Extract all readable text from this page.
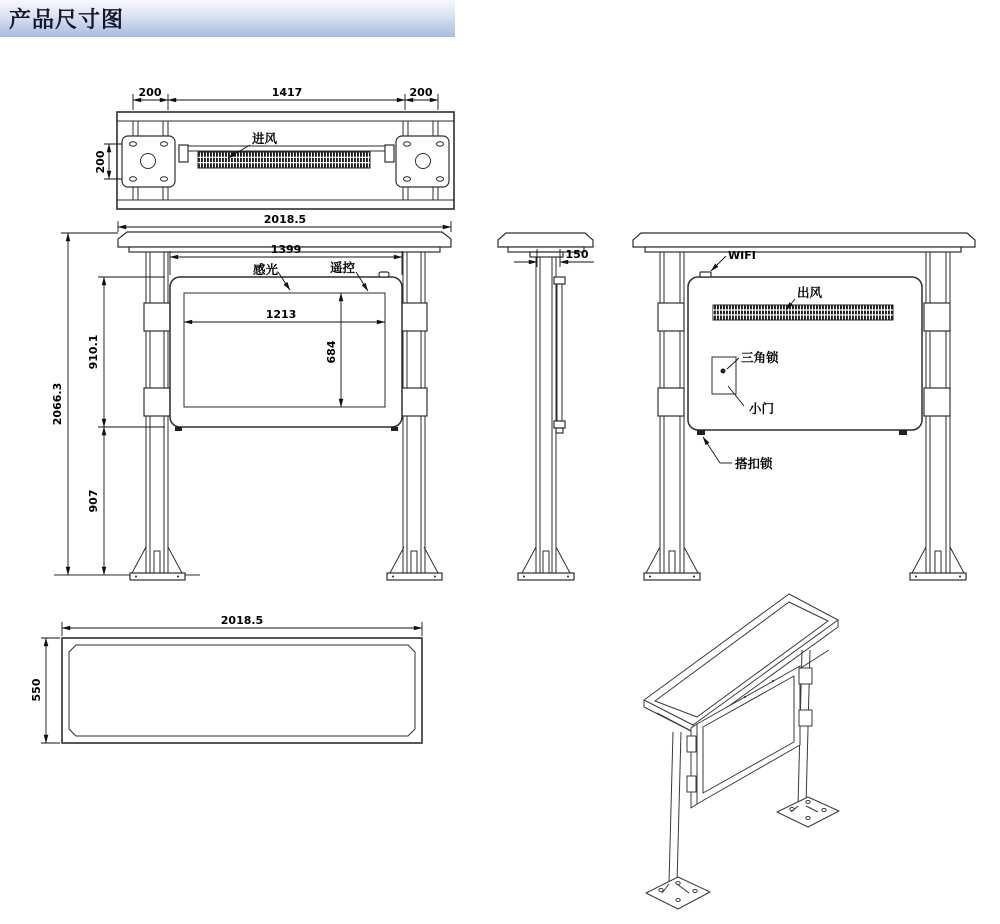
产品尺寸图
进风
200	1417	200
200
2018.5
感光	遥控
1399
1213
684
910.1
2066.3
907
150	WIFI
出风
三角锁
小门
搭扣锁
2018.5
550
